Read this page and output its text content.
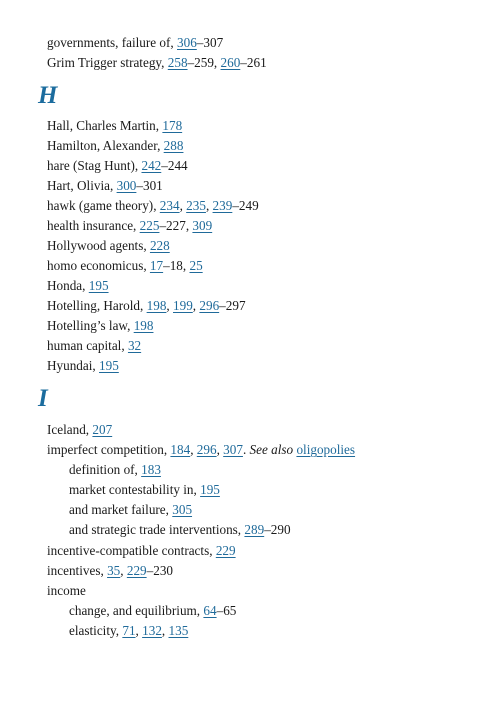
governments, failure of, 306–307
Grim Trigger strategy, 258–259, 260–261
H
Hall, Charles Martin, 178
Hamilton, Alexander, 288
hare (Stag Hunt), 242–244
Hart, Olivia, 300–301
hawk (game theory), 234, 235, 239–249
health insurance, 225–227, 309
Hollywood agents, 228
homo economicus, 17–18, 25
Honda, 195
Hotelling, Harold, 198, 199, 296–297
Hotelling’s law, 198
human capital, 32
Hyundai, 195
I
Iceland, 207
imperfect competition, 184, 296, 307. See also oligopolies
definition of, 183
market contestability in, 195
and market failure, 305
and strategic trade interventions, 289–290
incentive-compatible contracts, 229
incentives, 35, 229–230
income
change, and equilibrium, 64–65
elasticity, 71, 132, 135
